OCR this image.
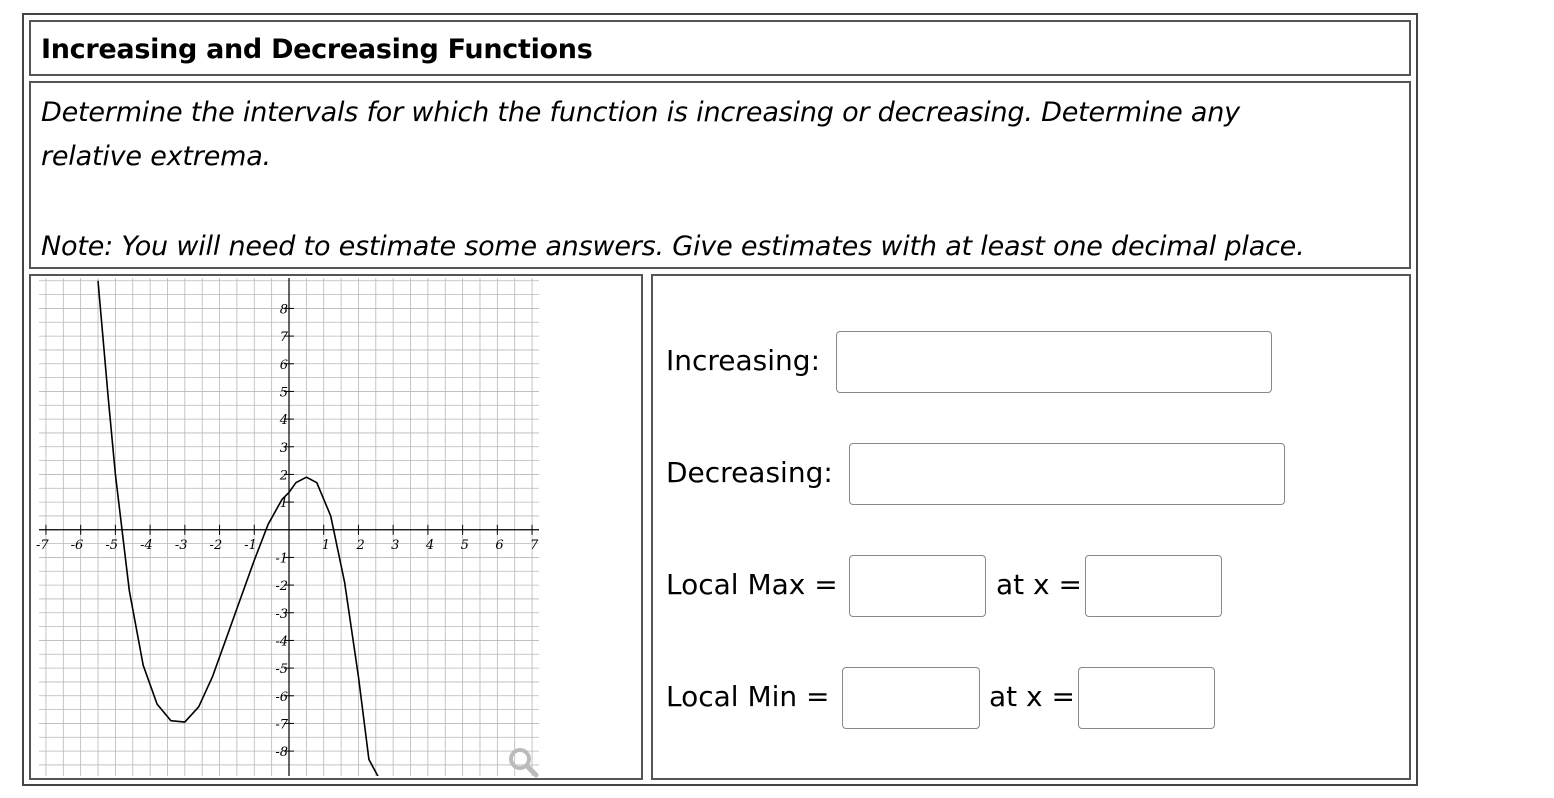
Increasing and Decreasing Functions

Determine the intervals for which the function is increasing or decreasing. Determine any relative extrema.

Note: You will need to estimate some answers. Give estimates with at least one decimal place.

-7 -6 -5 -4 -3 -2 -1	1 2 3 4 5 6 7
8
7
6
5
4
3
2
1
-1
-2
-3
-4
-5
-6
-7
-8
Increasing:
Decreasing:
Local Max =	at x =
Local Min =	at x =
